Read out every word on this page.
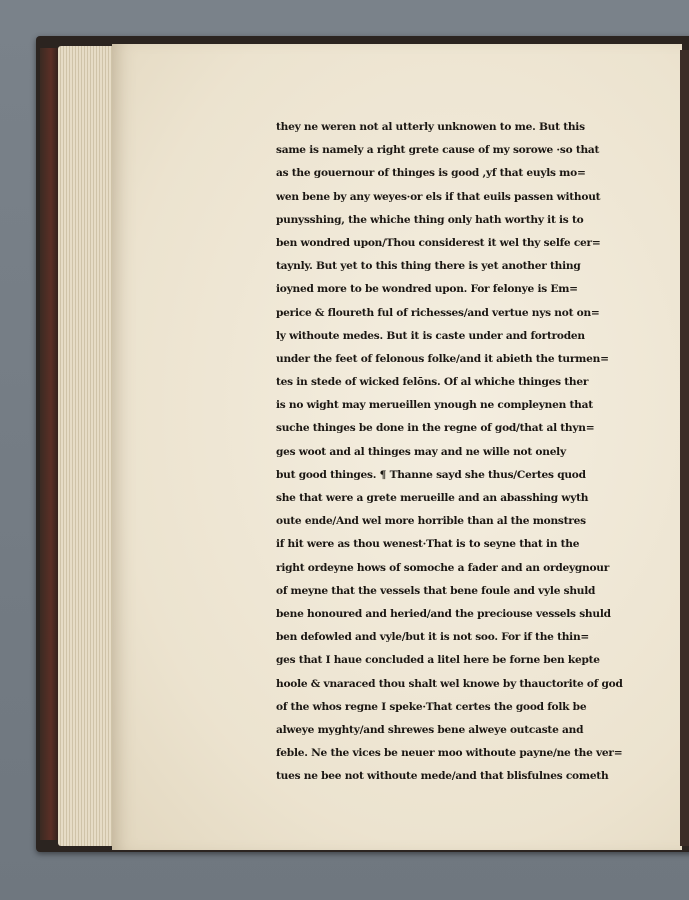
they ne weren not al utterly unknowen to me. But this
same is namely a right grete cause of my sorowe ·so that
as the gouernour of thinges is good ,yf that euyls mo=
wen bene by any weyes·or els if that euils passen without
punysshing, the whiche thing only hath worthy it is to
ben wondred upon/Thou considerest it wel thy selfe cer=
taynly. But yet to this thing there is yet another thing
ioyned more to be wondred upon. For felonye is Em=
perice & floureth ful of richesses/and vertue nys not on=
ly withoute medes. But it is caste under and fortroden
under the feet of felonous folke/and it abieth the turmen=
tes in stede of wicked felōns. Of al whiche thinges ther
is no wight may merueillen ynough ne compleynen that
suche thinges be done in the regne of god/that al thyn=
ges woot and al thinges may and ne wille not onely
but good thinges. ¶ Thanne sayd she thus/Certes quod
she that were a grete merueille and an abasshing wyth
oute ende/And wel more horrible than al the monstres
if hit were as thou wenest·That is to seyne that in the
right ordeyne hows of somoche a fader and an ordeygnour
of meyne that the vessels that bene foule and vyle shuld
bene honoured and heried/and the preciouse vessels shuld
ben defowled and vyle/but it is not soo. For if the thin=
ges that I haue concluded a litel here be forne ben kepte
hoole & vnaraced thou shalt wel knowe by thauctorite of god
of the whos regne I speke·That certes the good folk be
alweye myghty/and shrewes bene alweye outcaste and
feble. Ne the vices be neuer moo withoute payne/ne the ver=
tues ne bee not withoute mede/and that blisfulnes cometh
